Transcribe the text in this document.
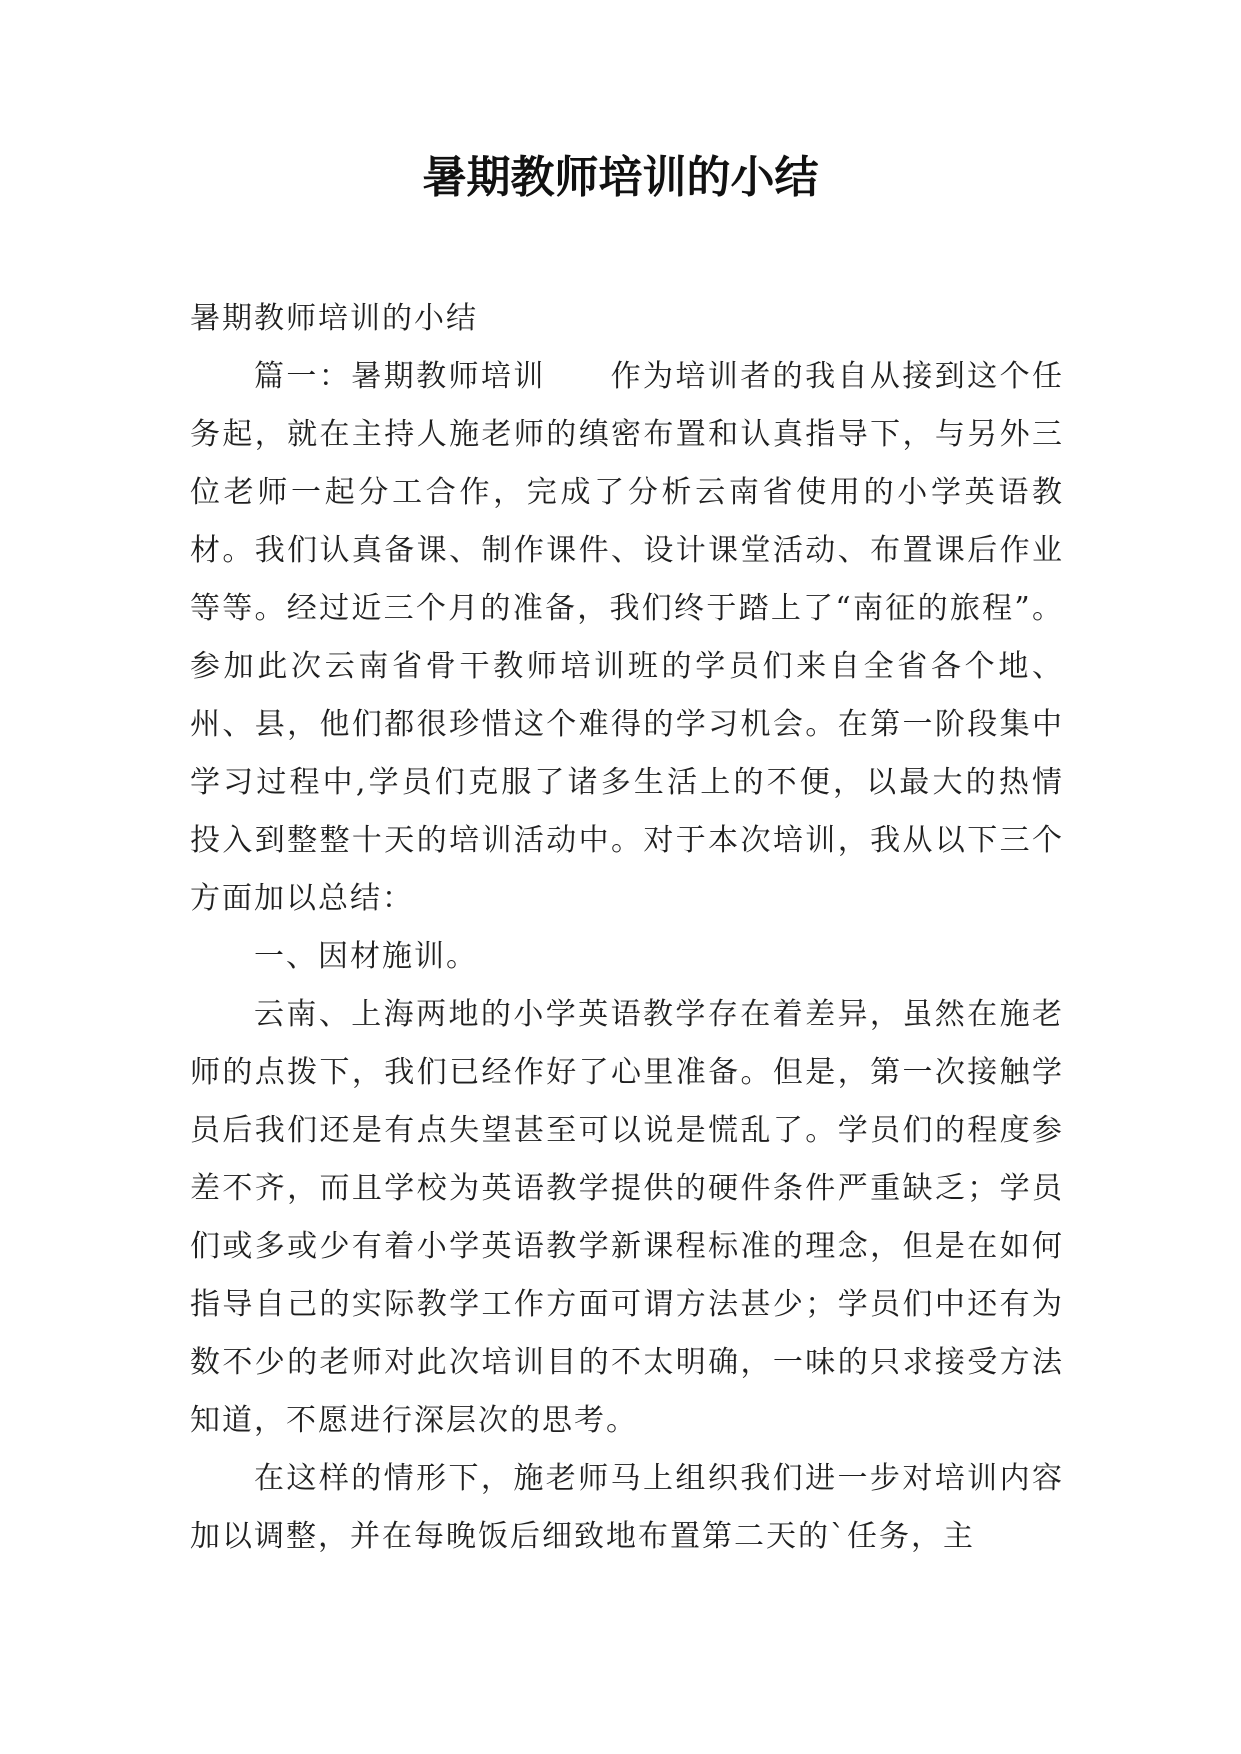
暑期教师培训的小结

暑期教师培训的小结

篇一：暑期教师培训　　作为培训者的我自从接到这个任务起，就在主持人施老师的缜密布置和认真指导下，与另外三位老师一起分工合作，完成了分析云南省使用的小学英语教材。我们认真备课、制作课件、设计课堂活动、布置课后作业等等。经过近三个月的准备，我们终于踏上了“南征的旅程”。参加此次云南省骨干教师培训班的学员们来自全省各个地、州、县，他们都很珍惜这个难得的学习机会。在第一阶段集中学习过程中,学员们克服了诸多生活上的不便，以最大的热情投入到整整十天的培训活动中。对于本次培训，我从以下三个方面加以总结：

一、因材施训。

云南、上海两地的小学英语教学存在着差异，虽然在施老师的点拨下，我们已经作好了心里准备。但是，第一次接触学员后我们还是有点失望甚至可以说是慌乱了。学员们的程度参差不齐，而且学校为英语教学提供的硬件条件严重缺乏；学员们或多或少有着小学英语教学新课程标准的理念，但是在如何指导自己的实际教学工作方面可谓方法甚少；学员们中还有为数不少的老师对此次培训目的不太明确，一味的只求接受方法知道，不愿进行深层次的思考。

在这样的情形下，施老师马上组织我们进一步对培训内容加以调整，并在每晚饭后细致地布置第二天的`任务，主
